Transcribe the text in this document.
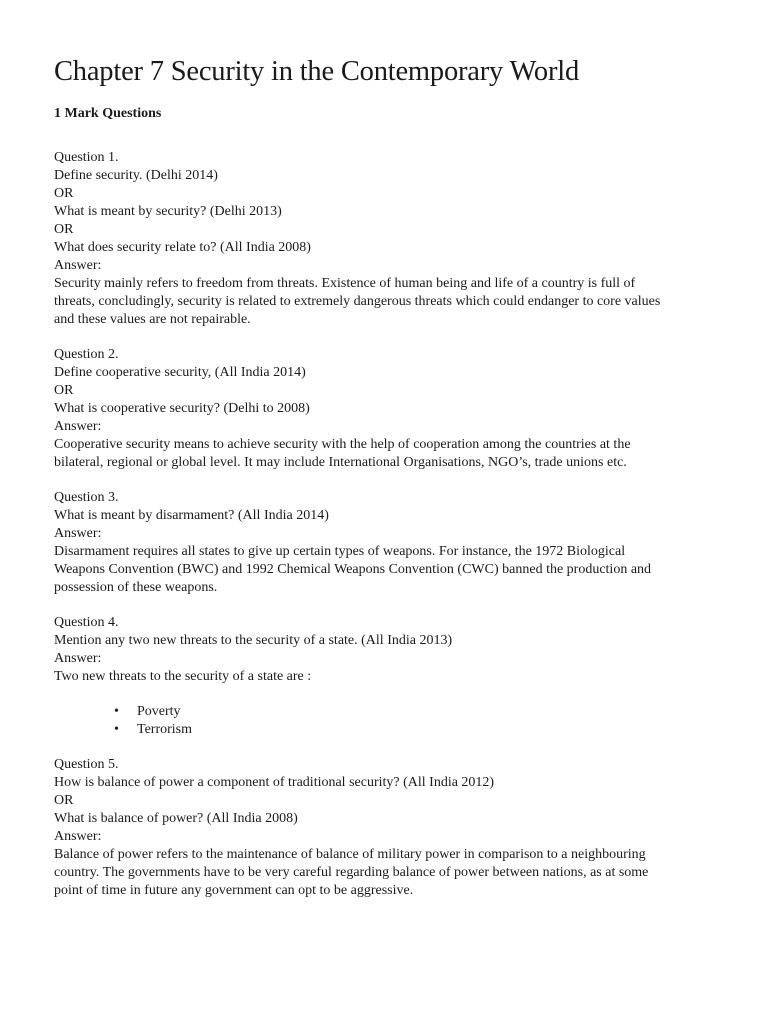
Chapter 7 Security in the Contemporary World
1 Mark Questions
Question 1.
Define security. (Delhi 2014)
OR
What is meant by security? (Delhi 2013)
OR
What does security relate to? (All India 2008)
Answer:
Security mainly refers to freedom from threats. Existence of human being and life of a country is full of
threats, concludingly, security is related to extremely dangerous threats which could endanger to core values
and these values are not repairable.
Question 2.
Define cooperative security, (All India 2014)
OR
What is cooperative security? (Delhi to 2008)
Answer:
Cooperative security means to achieve security with the help of cooperation among the countries at the
bilateral, regional or global level. It may include International Organisations, NGO’s, trade unions etc.
Question 3.
What is meant by disarmament? (All India 2014)
Answer:
Disarmament requires all states to give up certain types of weapons. For instance, the 1972 Biological
Weapons Convention (BWC) and 1992 Chemical Weapons Convention (CWC) banned the production and
possession of these weapons.
Question 4.
Mention any two new threats to the security of a state. (All India 2013)
Answer:
Two new threats to the security of a state are :
• Poverty
• Terrorism
Question 5.
How is balance of power a component of traditional security? (All India 2012)
OR
What is balance of power? (All India 2008)
Answer:
Balance of power refers to the maintenance of balance of military power in comparison to a neighbouring
country. The governments have to be very careful regarding balance of power between nations, as at some
point of time in future any government can opt to be aggressive.
